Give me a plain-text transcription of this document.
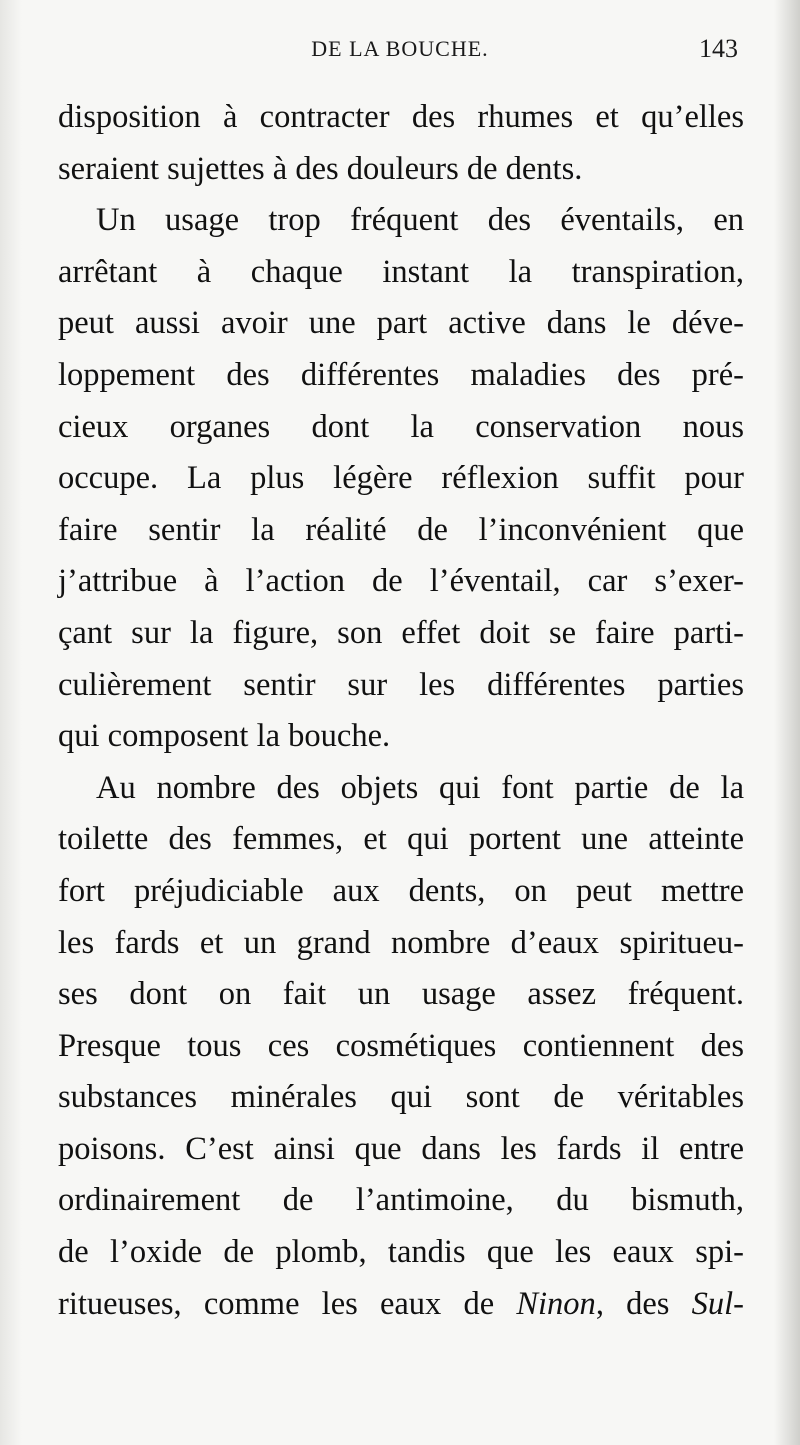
DE LA BOUCHE.	143
disposition à contracter des rhumes et qu’elles
seraient sujettes à des douleurs de dents.
Un usage trop fréquent des éventails, en
arrêtant à chaque instant la transpiration,
peut aussi avoir une part active dans le déve-
loppement des différentes maladies des pré-
cieux organes dont la conservation nous
occupe. La plus légère réflexion suffit pour
faire sentir la réalité de l’inconvénient que
j’attribue à l’action de l’éventail, car s’exer-
çant sur la figure, son effet doit se faire parti-
culièrement sentir sur les différentes parties
qui composent la bouche.
Au nombre des objets qui font partie de la
toilette des femmes, et qui portent une atteinte
fort préjudiciable aux dents, on peut mettre
les fards et un grand nombre d’eaux spiritueu-
ses dont on fait un usage assez fréquent.
Presque tous ces cosmétiques contiennent des
substances minérales qui sont de véritables
poisons. C’est ainsi que dans les fards il entre
ordinairement de l’antimoine, du bismuth,
de l’oxide de plomb, tandis que les eaux spi-
ritueuses, comme les eaux de Ninon, des Sul-
